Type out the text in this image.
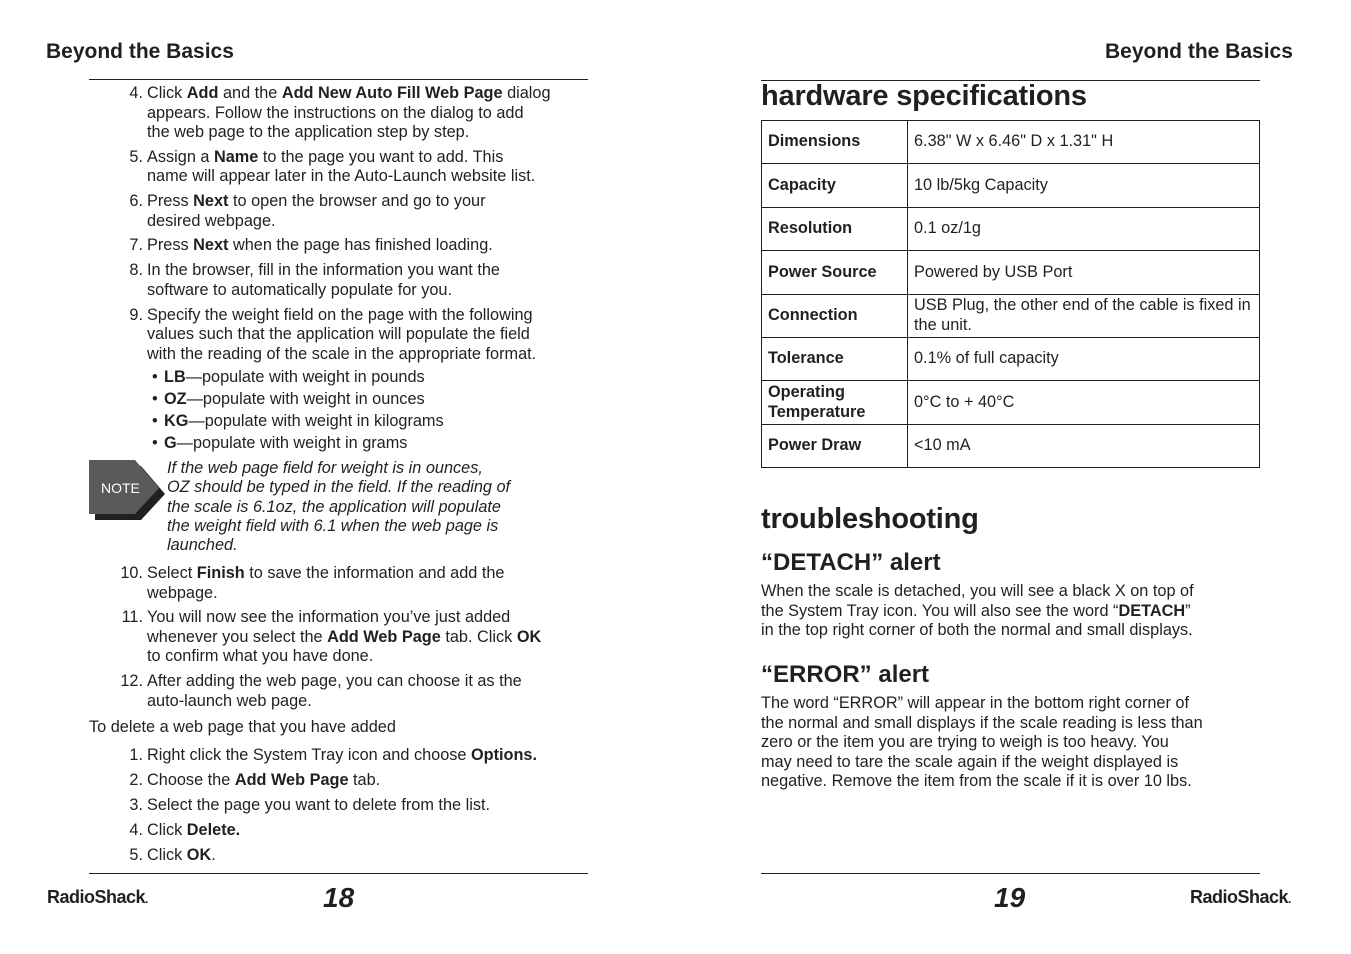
Beyond the Basics
4. Click Add and the Add New Auto Fill Web Page dialog
appears. Follow the instructions on the dialog to add
the web page to the application step by step.
5. Assign a Name to the page you want to add. This
name will appear later in the Auto-Launch website list.
6. Press Next to open the browser and go to your
desired webpage.
7. Press Next when the page has finished loading.
8. In the browser, fill in the information you want the
software to automatically populate for you.
9. Specify the weight field on the page with the following
values such that the application will populate the field
with the reading of the scale in the appropriate format.
• LB—populate with weight in pounds
• OZ—populate with weight in ounces
• KG—populate with weight in kilograms
• G—populate with weight in grams
NOTE
If the web page field for weight is in ounces,
OZ should be typed in the field. If the reading of
the scale is 6.1oz, the application will populate
the weight field with 6.1 when the web page is
launched.
10. Select Finish to save the information and add the
webpage.
11. You will now see the information you’ve just added
whenever you select the Add Web Page tab. Click OK
to confirm what you have done.
12. After adding the web page, you can choose it as the
auto-launch web page.
To delete a web page that you have added
1. Right click the System Tray icon and choose Options.
2. Choose the Add Web Page tab.
3. Select the page you want to delete from the list.
4. Click Delete.
5. Click OK.
RadioShack.	18
Beyond the Basics
hardware specifications
Dimensions	6.38" W x 6.46" D x 1.31" H
Capacity	10 lb/5kg Capacity
Resolution	0.1 oz/1g
Power Source	Powered by USB Port
Connection	USB Plug, the other end of the cable is fixed in the unit.
Tolerance	0.1% of full capacity
Operating Temperature	0°C to + 40°C
Power Draw	<10 mA
troubleshooting
“DETACH” alert
When the scale is detached, you will see a black X on top of
the System Tray icon. You will also see the word “DETACH”
in the top right corner of both the normal and small displays.
“ERROR” alert
The word “ERROR” will appear in the bottom right corner of
the normal and small displays if the scale reading is less than
zero or the item you are trying to weigh is too heavy. You
may need to tare the scale again if the weight displayed is
negative. Remove the item from the scale if it is over 10 lbs.
19	RadioShack.
